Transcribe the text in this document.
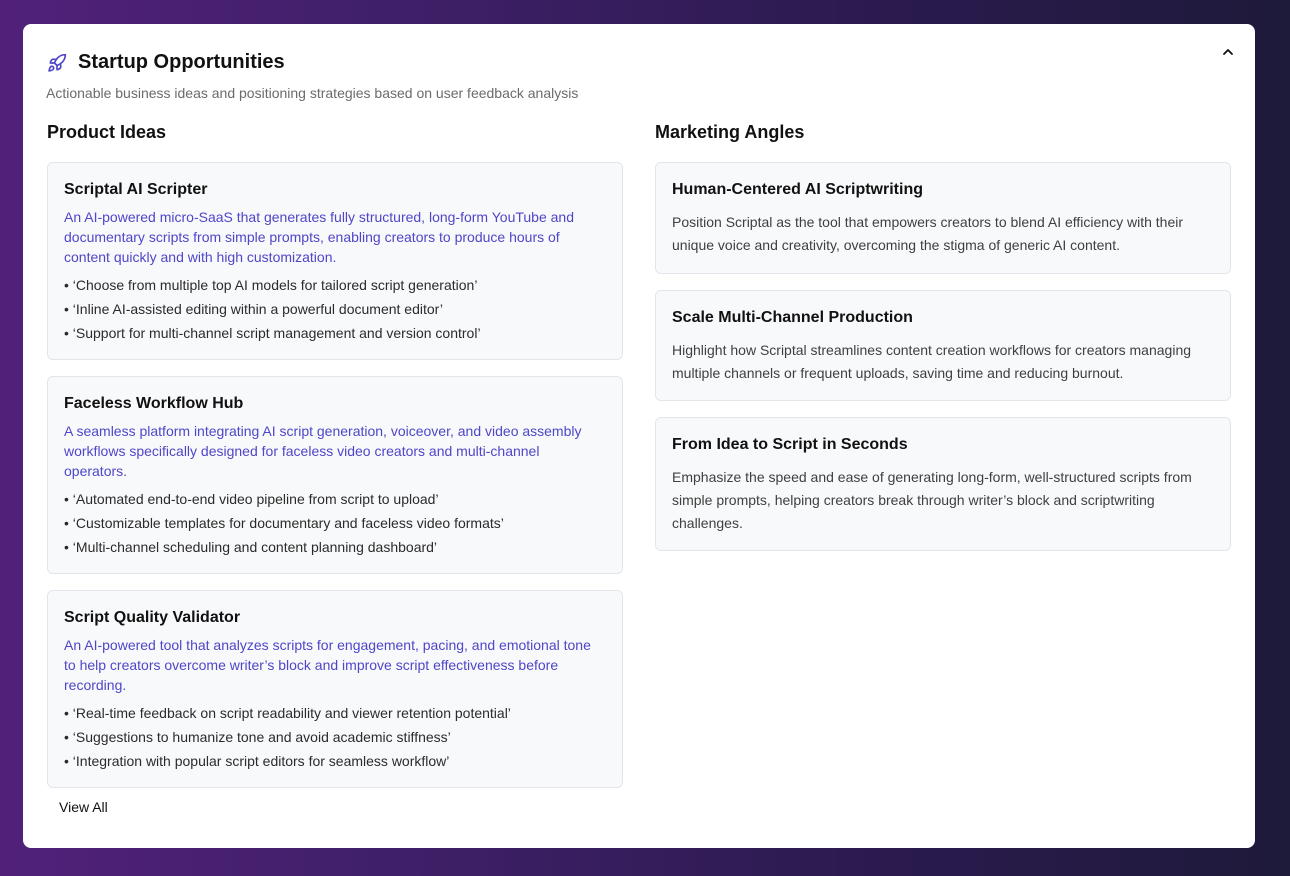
Startup Opportunities
Actionable business ideas and positioning strategies based on user feedback analysis
Product Ideas
Scriptal AI Scripter
An AI-powered micro-SaaS that generates fully structured, long-form YouTube and documentary scripts from simple prompts, enabling creators to produce hours of content quickly and with high customization.
• ‘Choose from multiple top AI models for tailored script generation’
• ‘Inline AI-assisted editing within a powerful document editor’
• ‘Support for multi-channel script management and version control’
Faceless Workflow Hub
A seamless platform integrating AI script generation, voiceover, and video assembly workflows specifically designed for faceless video creators and multi-channel operators.
• ‘Automated end-to-end video pipeline from script to upload’
• ‘Customizable templates for documentary and faceless video formats’
• ‘Multi-channel scheduling and content planning dashboard’
Script Quality Validator
An AI-powered tool that analyzes scripts for engagement, pacing, and emotional tone to help creators overcome writer’s block and improve script effectiveness before recording.
• ‘Real-time feedback on script readability and viewer retention potential’
• ‘Suggestions to humanize tone and avoid academic stiffness’
• ‘Integration with popular script editors for seamless workflow’
View All
Marketing Angles
Human-Centered AI Scriptwriting
Position Scriptal as the tool that empowers creators to blend AI efficiency with their unique voice and creativity, overcoming the stigma of generic AI content.
Scale Multi-Channel Production
Highlight how Scriptal streamlines content creation workflows for creators managing multiple channels or frequent uploads, saving time and reducing burnout.
From Idea to Script in Seconds
Emphasize the speed and ease of generating long-form, well-structured scripts from simple prompts, helping creators break through writer’s block and scriptwriting challenges.
